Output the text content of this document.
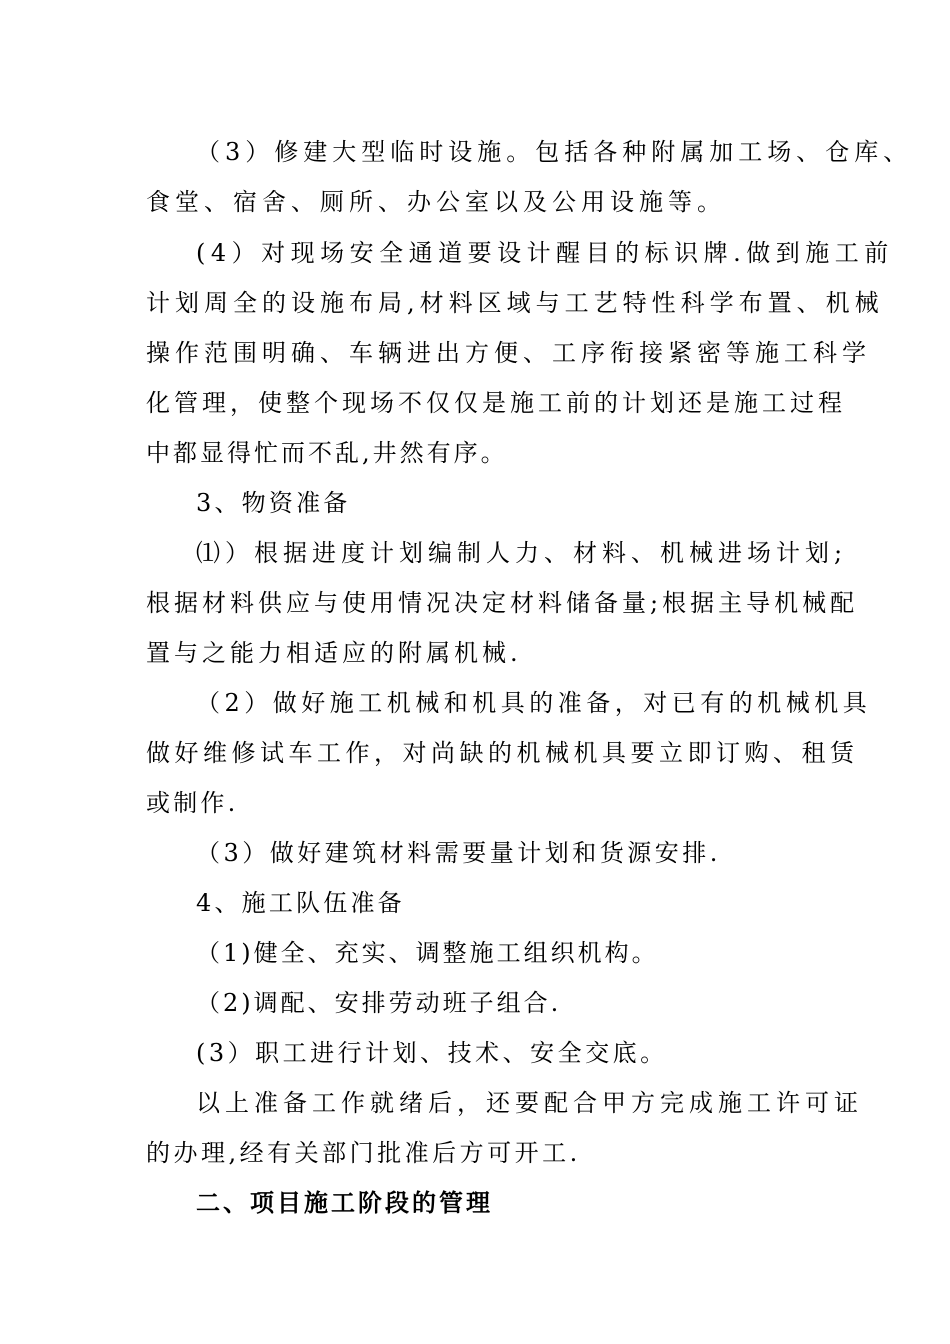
（3）修建大型临时设施。包括各种附属加工场、仓库、
食堂、宿舍、厕所、办公室以及公用设施等。
(4）对现场安全通道要设计醒目的标识牌.做到施工前
计划周全的设施布局,材料区域与工艺特性科学布置、机械
操作范围明确、车辆进出方便、工序衔接紧密等施工科学
化管理，使整个现场不仅仅是施工前的计划还是施工过程
中都显得忙而不乱,井然有序。
3、物资准备
⑴）根据进度计划编制人力、材料、机械进场计划;
根据材料供应与使用情况决定材料储备量;根据主导机械配
置与之能力相适应的附属机械.
（2）做好施工机械和机具的准备，对已有的机械机具
做好维修试车工作，对尚缺的机械机具要立即订购、租赁
或制作.
（3）做好建筑材料需要量计划和货源安排.
4、施工队伍准备
（1)健全、充实、调整施工组织机构。
（2)调配、安排劳动班子组合.
(3）职工进行计划、技术、安全交底。
以上准备工作就绪后，还要配合甲方完成施工许可证
的办理,经有关部门批准后方可开工.
二、项目施工阶段的管理
